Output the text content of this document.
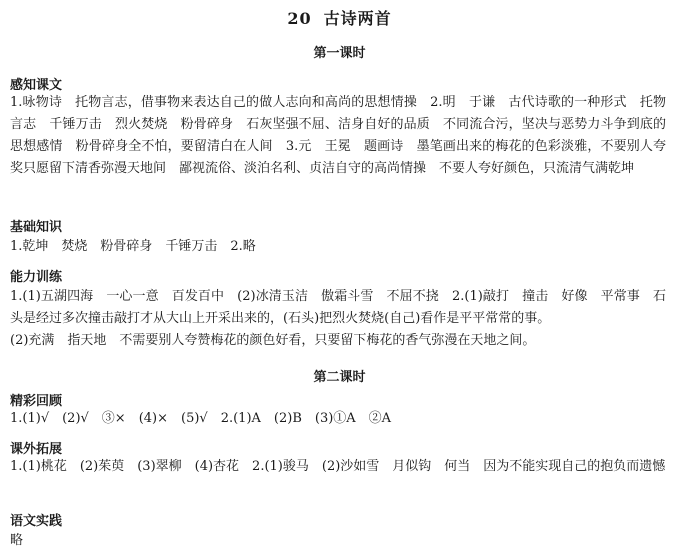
20 古诗两首
第一课时
感知课文
1.咏物诗　托物言志，借事物来表达自己的做人志向和高尚的思想情操　2.明　于谦　古代诗歌的一种形式　托物言志　千锤万击　烈火焚烧　粉骨碎身　石灰坚强不屈、洁身自好的品质　不同流合污，坚决与恶势力斗争到底的思想感情　粉骨碎身全不怕，要留清白在人间　3.元　王冕　题画诗　墨笔画出来的梅花的色彩淡雅，不要别人夸奖只愿留下清香弥漫天地间　鄙视流俗、淡泊名利、贞洁自守的高尚情操　不要人夸好颜色，只流清气满乾坤
基础知识
1.乾坤　焚烧　粉骨碎身　千锤万击　2.略
能力训练
1.(1)五湖四海　一心一意　百发百中　(2)冰清玉洁　傲霜斗雪　不屈不挠　2.(1)敲打　撞击　好像　平常事　石头是经过多次撞击敲打才从大山上开采出来的，(石头)把烈火焚烧(自己)看作是平平常常的事。
(2)充满　指天地　不需要别人夸赞梅花的颜色好看，只要留下梅花的香气弥漫在天地之间。
第二课时
精彩回顾
1.(1)√　(2)√　③×　(4)×　(5)√　2.(1)A　(2)B　(3)①A　②A
课外拓展
1.(1)桃花　(2)茱萸　(3)翠柳　(4)杏花　2.(1)骏马　(2)沙如雪　月似钩　何当　因为不能实现自己的抱负而遗憾
语文实践
略
